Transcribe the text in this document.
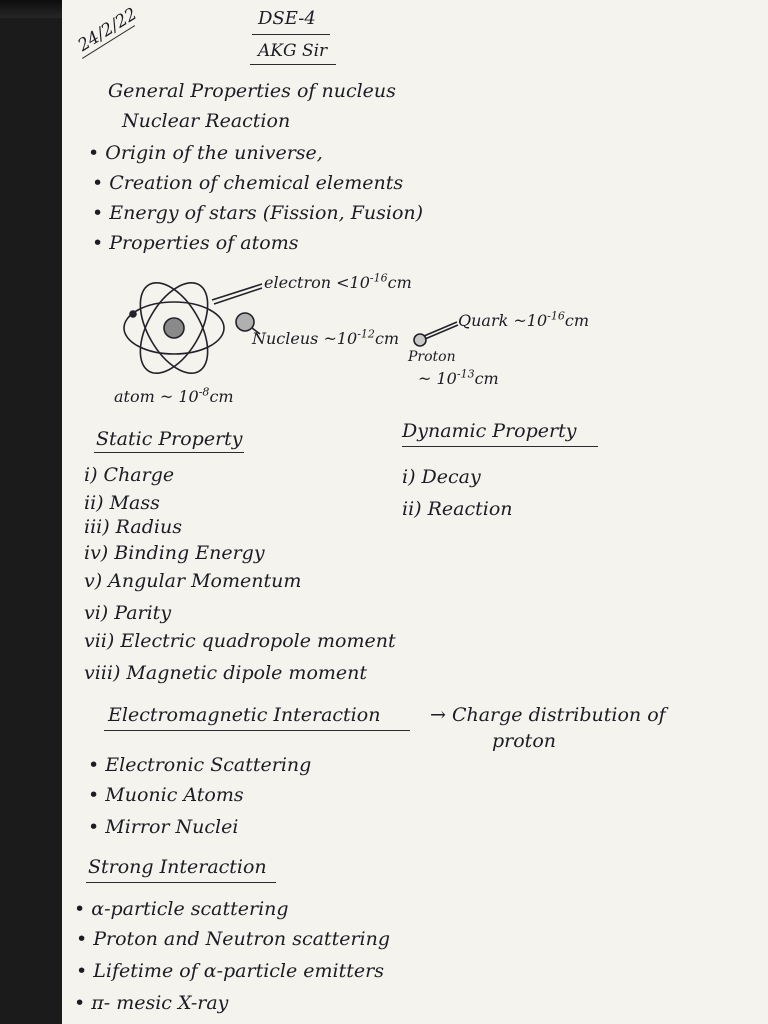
24/2/22	DSE-4
AKG Sir
General Properties of nucleus
Nuclear Reaction
• Origin of the universe,
• Creation of chemical elements
• Energy of stars (Fission, Fusion)
• Properties of atoms
electron $<10^{-16}cm$
Nucleus $\sim 10^{-12}cm$
atom ~ $10^{-8}cm$
Quark $\sim 10^{-16}cm$
Proton
~ $10^{-13}cm$
Static Property
i) Charge
ii) Mass
iii) Radius
iv) Binding Energy
v) Angular Momentum
vi) Parity
vii) Electric quadropole moment
viii) Magnetic dipole moment
Dynamic Property
i) Decay
ii) Reaction
Electromagnetic Interaction	→ Charge distribution of
proton
• Electronic Scattering
• Muonic Atoms
• Mirror Nuclei
Strong Interaction
• α-particle scattering
• Proton and Neutron scattering
• Lifetime of α-particle emitters
• π- mesic X-ray
